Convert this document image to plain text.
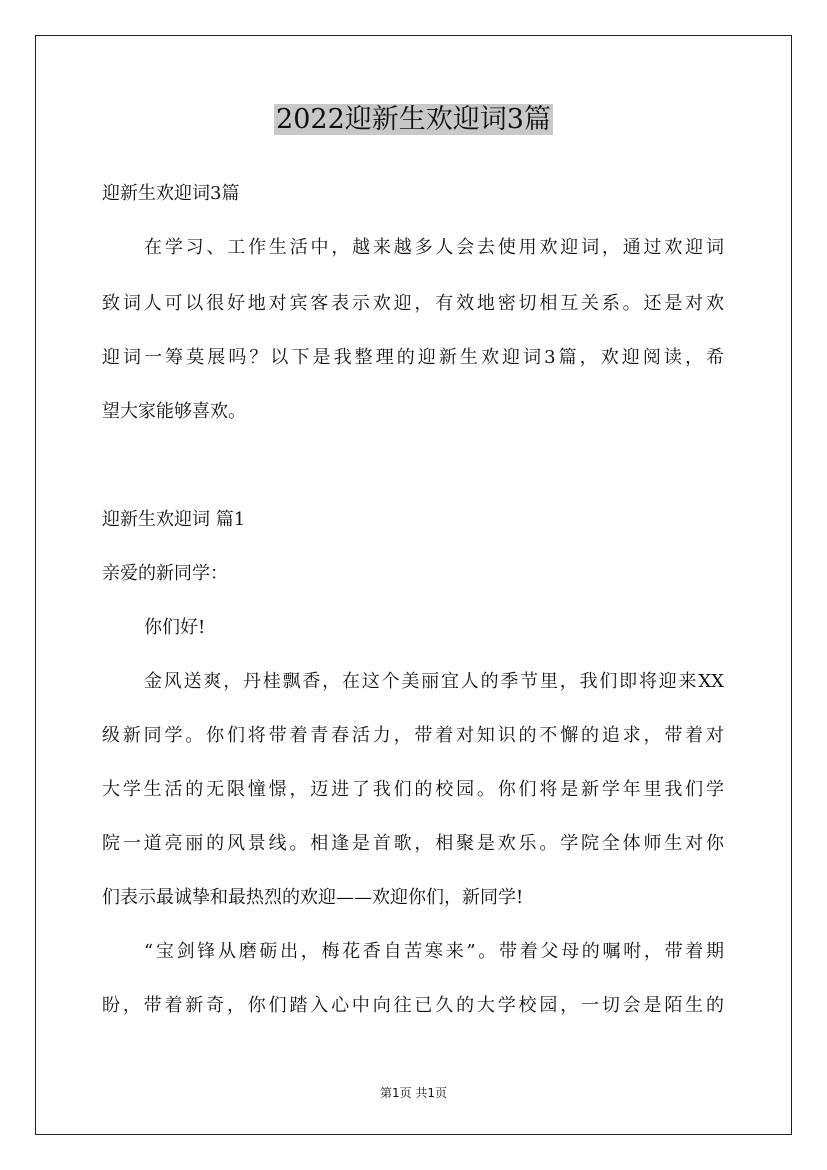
2022迎新生欢迎词3篇
迎新生欢迎词3篇
在学习、工作生活中，越来越多人会去使用欢迎词，通过欢迎词
致词人可以很好地对宾客表示欢迎，有效地密切相互关系。还是对欢
迎词一筹莫展吗？以下是我整理的迎新生欢迎词3篇，欢迎阅读，希
望大家能够喜欢。
迎新生欢迎词 篇1
亲爱的新同学：
你们好!
金风送爽，丹桂飘香，在这个美丽宜人的季节里，我们即将迎来XX
级新同学。你们将带着青春活力，带着对知识的不懈的追求，带着对
大学生活的无限憧憬，迈进了我们的校园。你们将是新学年里我们学
院一道亮丽的风景线。相逢是首歌，相聚是欢乐。学院全体师生对你
们表示最诚挚和最热烈的欢迎——欢迎你们，新同学!
“宝剑锋从磨砺出，梅花香自苦寒来”。带着父母的嘱咐，带着期
盼，带着新奇，你们踏入心中向往已久的大学校园，一切会是陌生的
第1页 共1页
